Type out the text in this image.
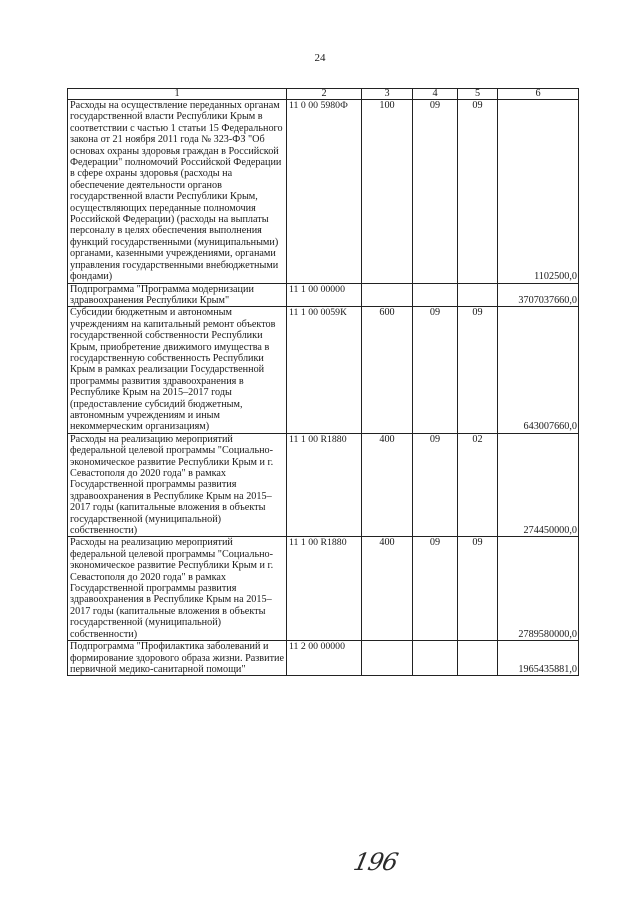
24
1	2	3	4	5	6
Расходы на осуществление переданных органам государственной власти Республики Крым в соответствии с частью 1 статьи 15 Федерального закона от 21 ноября 2011 года № 323-ФЗ "Об основах охраны здоровья граждан в Российской Федерации" полномочий Российской Федерации в сфере охраны здоровья (расходы на обеспечение деятельности органов государственной власти Республики Крым, осуществляющих переданные полномочия Российской Федерации) (расходы на выплаты персоналу в целях обеспечения выполнения функций государственными (муниципальными) органами, казенными учреждениями, органами управления государственными внебюджетными фондами)	11 0 00 5980Ф	100	09	09	1102500,0
Подпрограмма "Программа модернизации здравоохранения Республики Крым"	11 1 00 00000				3707037660,0
Субсидии бюджетным и автономным учреждениям на капитальный ремонт объектов государственной собственности Республики Крым, приобретение движимого имущества в государственную собственность Республики Крым в рамках реализации Государственной программы развития здравоохранения в Республике Крым на 2015–2017 годы (предоставление субсидий бюджетным, автономным учреждениям и иным некоммерческим организациям)	11 1 00 0059К	600	09	09	643007660,0
Расходы на реализацию мероприятий федеральной целевой программы "Социально-экономическое развитие Республики Крым и г. Севастополя до 2020 года" в рамках Государственной программы развития здравоохранения в Республике Крым на 2015–2017 годы (капитальные вложения в объекты государственной (муниципальной) собственности)	11 1 00 R1880	400	09	02	274450000,0
Расходы на реализацию мероприятий федеральной целевой программы "Социально-экономическое развитие Республики Крым и г. Севастополя до 2020 года" в рамках Государственной программы развития здравоохранения в Республике Крым на 2015–2017 годы (капитальные вложения в объекты государственной (муниципальной) собственности)	11 1 00 R1880	400	09	09	2789580000,0
Подпрограмма "Профилактика заболеваний и формирование здорового образа жизни. Развитие первичной медико-санитарной помощи"	11 2 00 00000				1965435881,0
196
